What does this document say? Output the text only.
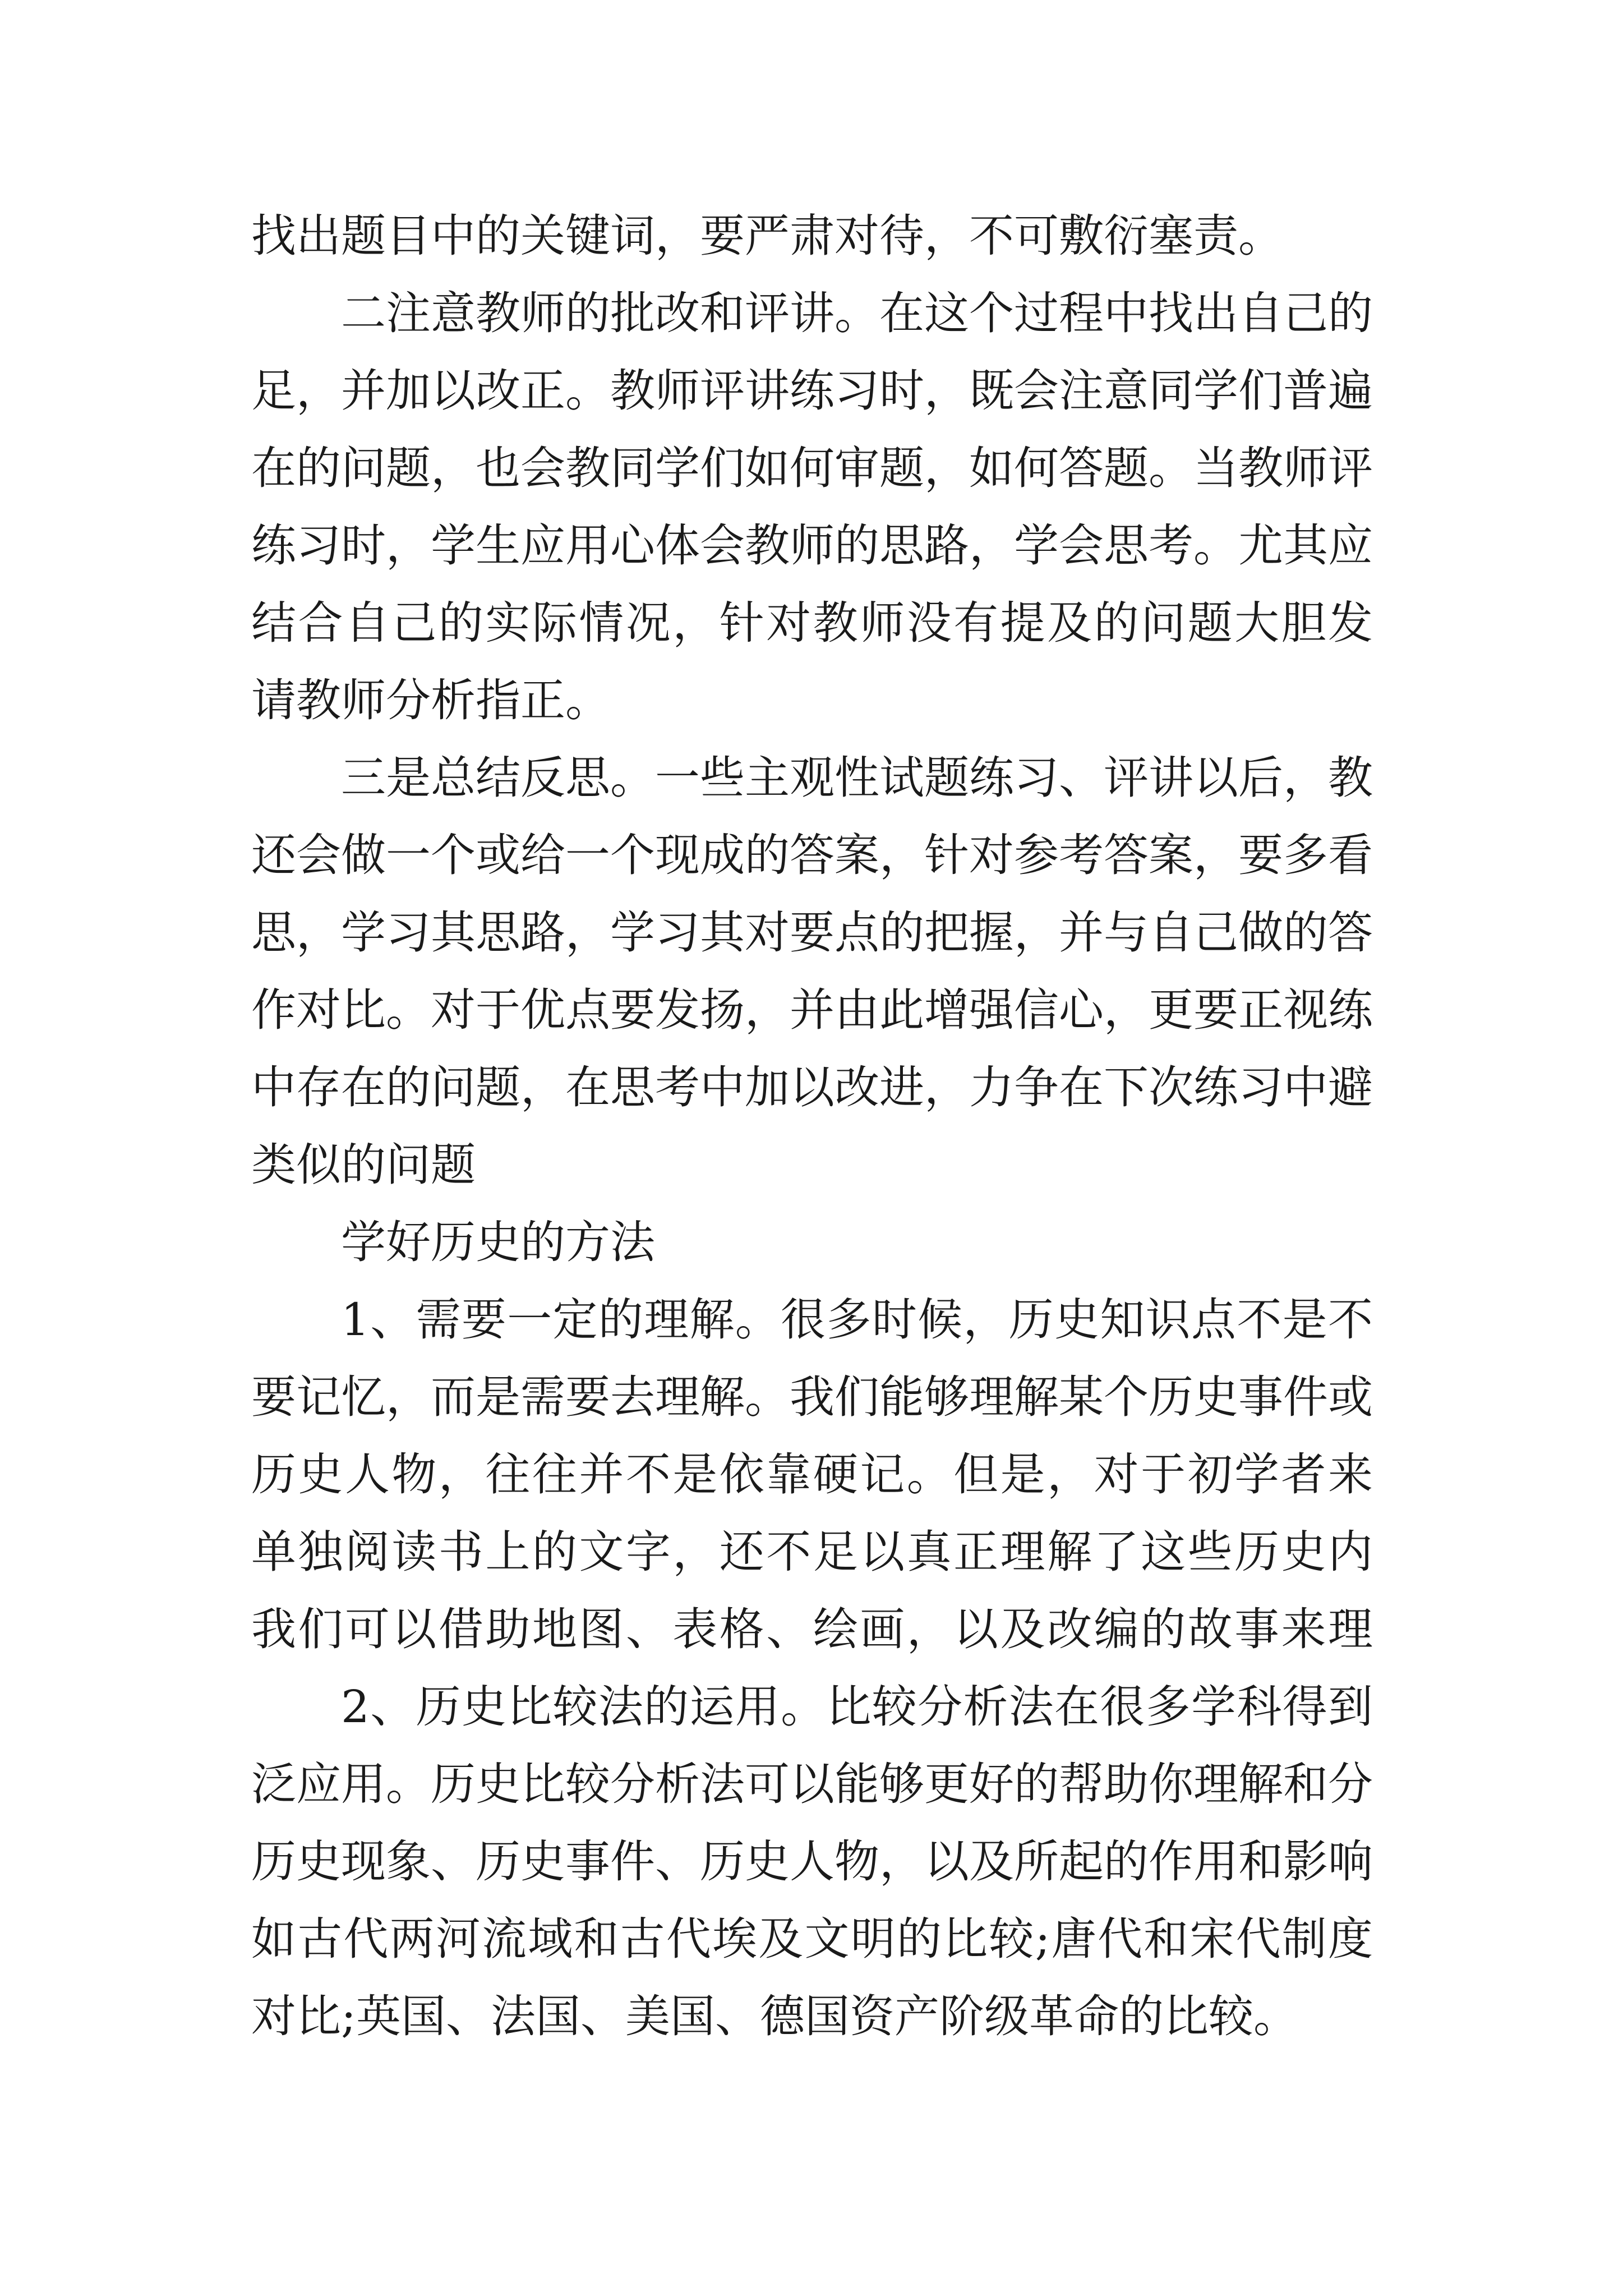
找出题目中的关键词，要严肃对待，不可敷衍塞责。
二注意教师的批改和评讲。在这个过程中找出自己的
足，并加以改正。教师评讲练习时，既会注意同学们普遍
在的问题，也会教同学们如何审题，如何答题。当教师评
练习时，学生应用心体会教师的思路，学会思考。尤其应
结合自己的实际情况，针对教师没有提及的问题大胆发
请教师分析指正。
三是总结反思。一些主观性试题练习、评讲以后，教
还会做一个或给一个现成的答案，针对参考答案，要多看
思，学习其思路，学习其对要点的把握，并与自己做的答
作对比。对于优点要发扬，并由此增强信心，更要正视练
中存在的问题，在思考中加以改进，力争在下次练习中避
类似的问题
学好历史的方法
1、需要一定的理解。很多时候，历史知识点不是不
要记忆，而是需要去理解。我们能够理解某个历史事件或
历史人物，往往并不是依靠硬记。但是，对于初学者来
单独阅读书上的文字，还不足以真正理解了这些历史内
我们可以借助地图、表格、绘画，以及改编的故事来理
2、历史比较法的运用。比较分析法在很多学科得到
泛应用。历史比较分析法可以能够更好的帮助你理解和分
历史现象、历史事件、历史人物，以及所起的作用和影响
如古代两河流域和古代埃及文明的比较;唐代和宋代制度
对比;英国、法国、美国、德国资产阶级革命的比较。
